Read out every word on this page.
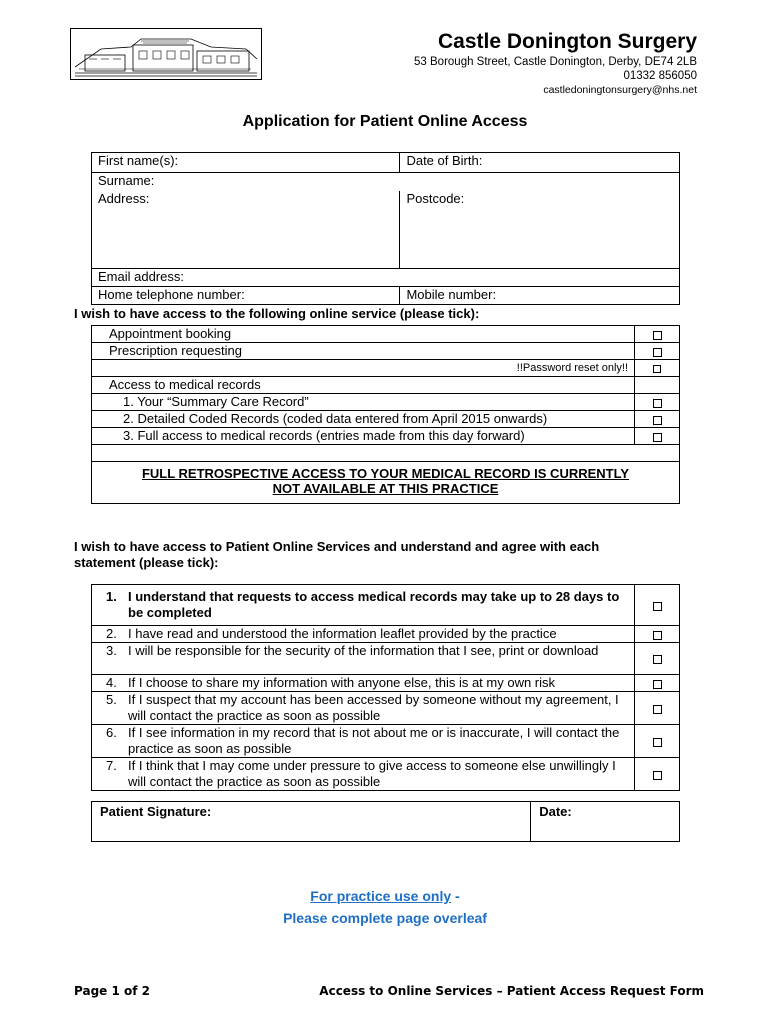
Castle Donington Surgery
53 Borough Street, Castle Donington, Derby, DE74 2LB
01332 856050
castledoningtonsurgery@nhs.net
Application for Patient Online Access
First name(s):	Date of Birth:
Surname:	
Address:	Postcode:
Email address:	
Home telephone number:	Mobile number:
I wish to have access to the following online service (please tick):
Appointment booking	
Prescription requesting	
!!Password reset only!!	
Access to medical records	
1. Your “Summary Care Record”	
2. Detailed Coded Records (coded data entered from April 2015 onwards)	
3. Full access to medical records (entries made from this day forward)	

FULL RETROSPECTIVE ACCESS TO YOUR MEDICAL RECORD IS CURRENTLY
NOT AVAILABLE AT THIS PRACTICE	
I wish to have access to Patient Online Services and understand and agree with each
statement (please tick):
1. I understand that requests to access medical records may take up to 28 days to be completed	

2. I have read and understood the information leaflet provided by the practice	

3. I will be responsible for the security of the information that I see, print or download	

4. If I choose to share my information with anyone else, this is at my own risk	

5. If I suspect that my account has been accessed by someone without my agreement, I will contact the practice as soon as possible	

6. If I see information in my record that is not about me or is inaccurate, I will contact the practice as soon as possible	

7. If I think that I may come under pressure to give access to someone else unwillingly I will contact the practice as soon as possible	

Patient Signature:	Date:
For practice use only -
Please complete page overleaf
Page 1 of 2	Access to Online Services – Patient Access Request Form
